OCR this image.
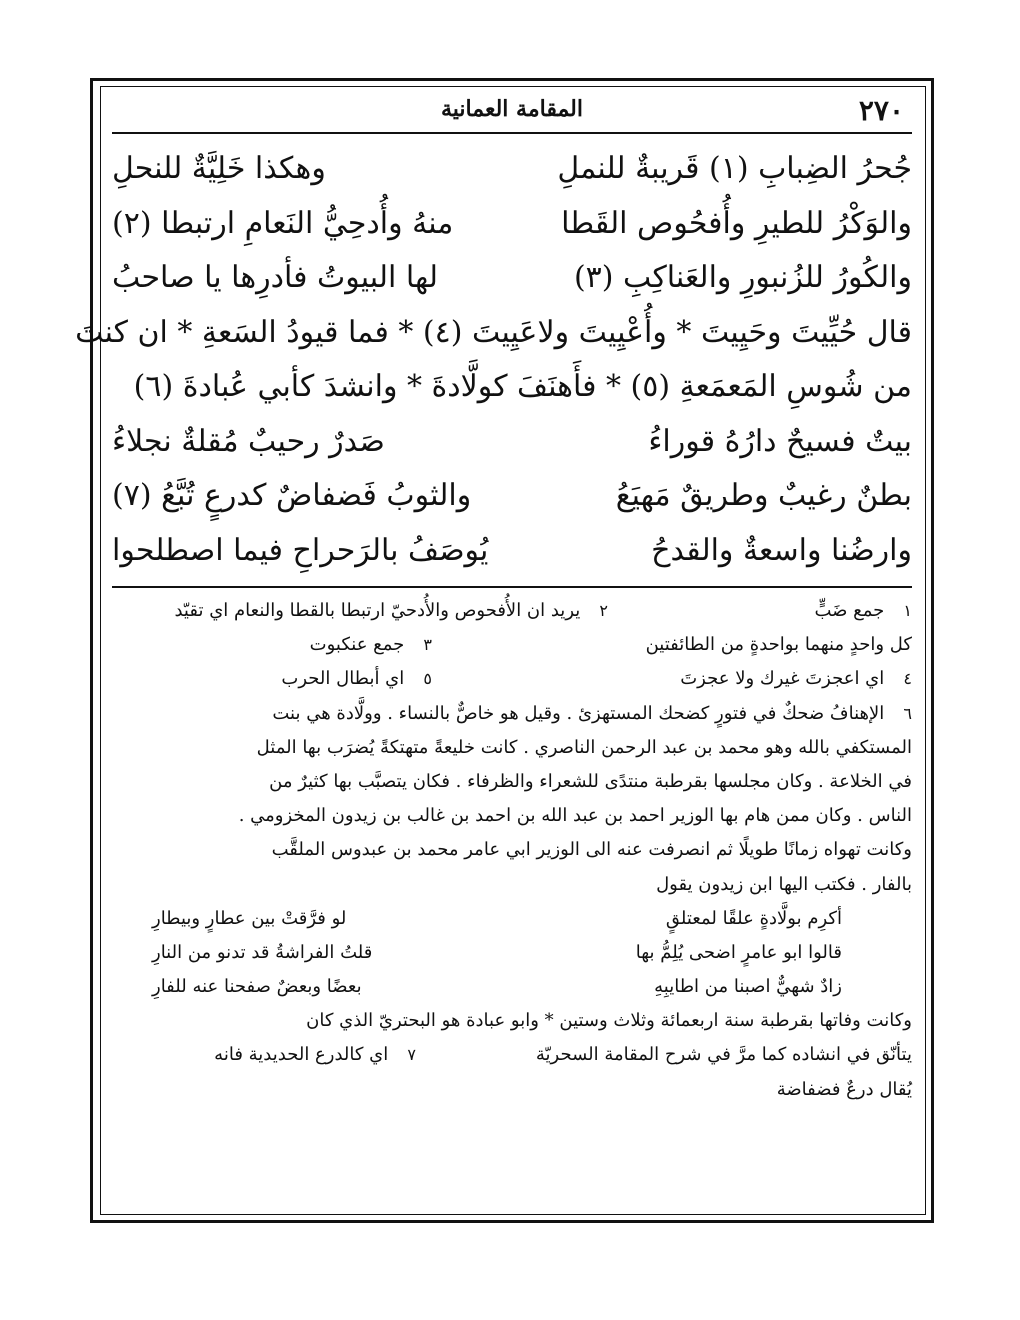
٢٧٠
المقامة العمانية
جُحرُ الضِبابِ (١) قَريبةٌ للنملِ
وهكذا خَلِيَّةٌ للنحلِ
والوَكْرُ للطيرِ وأُفحُوص القَطا
منهُ وأُدحِيُّ النَعامِ ارتبطا (٢)
والكُورُ للزُنبورِ والعَناكِبِ (٣)
لها البيوتُ فأدرِها يا صاحبُ
قال حُيِّيتَ وحَيِيتَ * وأُعْيِيتَ ولاعَيِيتَ (٤) * فما قيودُ السَعةِ * ان كنتَ
من شُوسِ المَعمَعةِ (٥) * فأَهنَفَ كولَّادةَ * وانشدَ كأبي عُبادةَ (٦)
بيتٌ فسيحٌ دارُهُ قوراءُ
صَدرٌ رحيبٌ مُقلةٌ نجلاءُ
بطنٌ رغيبٌ وطريقٌ مَهيَعُ
والثوبُ فَضفاضٌ كدرعٍ تُبَّعُ (٧)
وارضُنا واسعةٌ والقدحُ
يُوصَفُ بالرَحراحِ فيما اصطلحوا
١ جمع ضَبٍّ
٢ يريد ان الأُفحوص والأُدحيّ ارتبطا بالقطا والنعام اي تقيّد
كل واحدٍ منهما بواحدةٍ من الطائفتين
٣ جمع عنكبوت
٤ اي اعجزتَ غيرك ولا عجزتَ
٥ اي أبطال الحرب
٦ الإهنافُ ضحكٌ في فتورٍ كضحك المستهزئ . وقيل هو خاصٌّ بالنساء . وولَّادة هي بنت
المستكفي بالله وهو محمد بن عبد الرحمن الناصري . كانت خليعةً متهتكةً يُضرَب بها المثل
في الخلاعة . وكان مجلسها بقرطبة منتدًى للشعراء والظرفاء . فكان يتصبَّب بها كثيرٌ من
الناس . وكان ممن هام بها الوزير احمد بن عبد الله بن احمد بن غالب بن زيدون المخزومي .
وكانت تهواه زمانًا طويلًا ثم انصرفت عنه الى الوزير ابي عامر محمد بن عبدوس الملقَّب
بالفار . فكتب اليها ابن زيدون يقول
أكرِم بولَّادةٍ علقًا لمعتلقٍ
لو فرَّقتْ بين عطارٍ وبيطارِ
قالوا ابو عامرٍ اضحى يُلِمُّ بها
قلتُ الفراشةُ قد تدنو من النارِ
زادٌ شهيٌّ اصبنا من اطايبِهِ
بعضًا وبعضٌ صفحنا عنه للفارِ
وكانت وفاتها بقرطبة سنة اربعمائة وثلاث وستين * وابو عبادة هو البحتريّ الذي كان
يتأنّق في انشاده كما مرَّ في شرح المقامة السحريّة
٧ اي كالدرع الحديدية فانه
يُقال درعٌ فضفاضة
